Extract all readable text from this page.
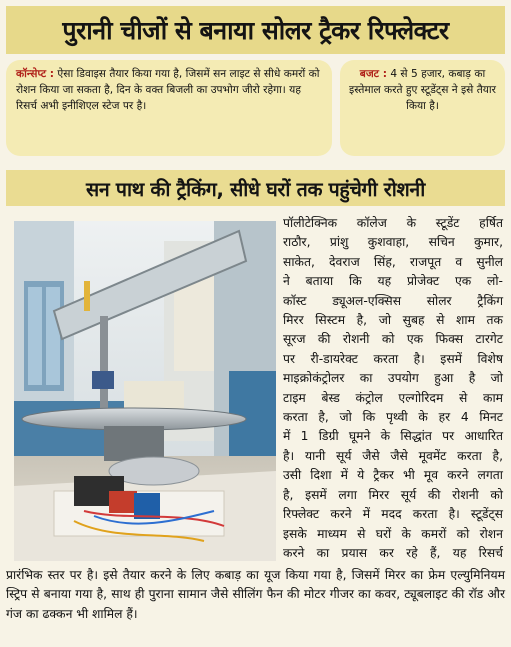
पुरानी चीजों से बनाया सोलर ट्रैकर रिफ्लेक्टर
कॉन्सेप्ट : ऐसा डिवाइस तैयार किया गया है, जिसमें सन लाइट से सीधे कमरों को रोशन किया जा सकता है, दिन के वक्त बिजली का उपभोग जीरो रहेगा। यह रिसर्च अभी इनीशिएल स्टेज पर है।
बजट : 4 से 5 हजार, कबाड़ का इस्तेमाल करते हुए स्टूडेंट्स ने इसे तैयार किया है।
सन पाथ की ट्रैकिंग, सीधे घरों तक पहुंचेगी रोशनी
पॉलीटेक्निक कॉलेज के स्टूडेंट हर्षित
राठौर, प्रांशु कुशवाहा, सचिन कुमार,
साकेत, देवराज सिंह, राजपूत व सुनील
ने बताया कि यह प्रोजेक्ट एक लो-
कॉस्ट ड्यूअल-एक्सिस सोलर ट्रैकिंग
मिरर सिस्टम है, जो सुबह से शाम तक
सूरज की रोशनी को एक फिक्स टारगेट
पर री-डायरेक्ट करता है। इसमें विशेष
माइक्रोकंट्रोलर का उपयोग हुआ है जो
टाइम बेस्ड कंट्रोल एल्गोरिदम से काम
करता है, जो कि पृथ्वी के हर 4 मिनट
में 1 डिग्री घूमने के सिद्धांत पर आधारित
है। यानी सूर्य जैसे जैसे मूवमेंट करता है,
उसी दिशा में ये ट्रैकर भी मूव करने लगता
है, इसमें लगा मिरर सूर्य की रोशनी को
रिफ्लेक्ट करने में मदद करता है। स्टूडेंट्स
इसके माध्यम से घरों के कमरों को रोशन
करने का प्रयास कर रहे हैं, यह रिसर्च
प्रारंभिक स्तर पर है। इसे तैयार करने के लिए कबाड़ का यूज किया गया है, जिसमें मिरर का फ्रेम एल्युमिनियम स्ट्रिप से बनाया गया है, साथ ही पुराना सामान जैसे सीलिंग फैन की मोटर गीजर का कवर, ट्यूबलाइट की रॉड और गंज का ढक्कन भी शामिल हैं।
